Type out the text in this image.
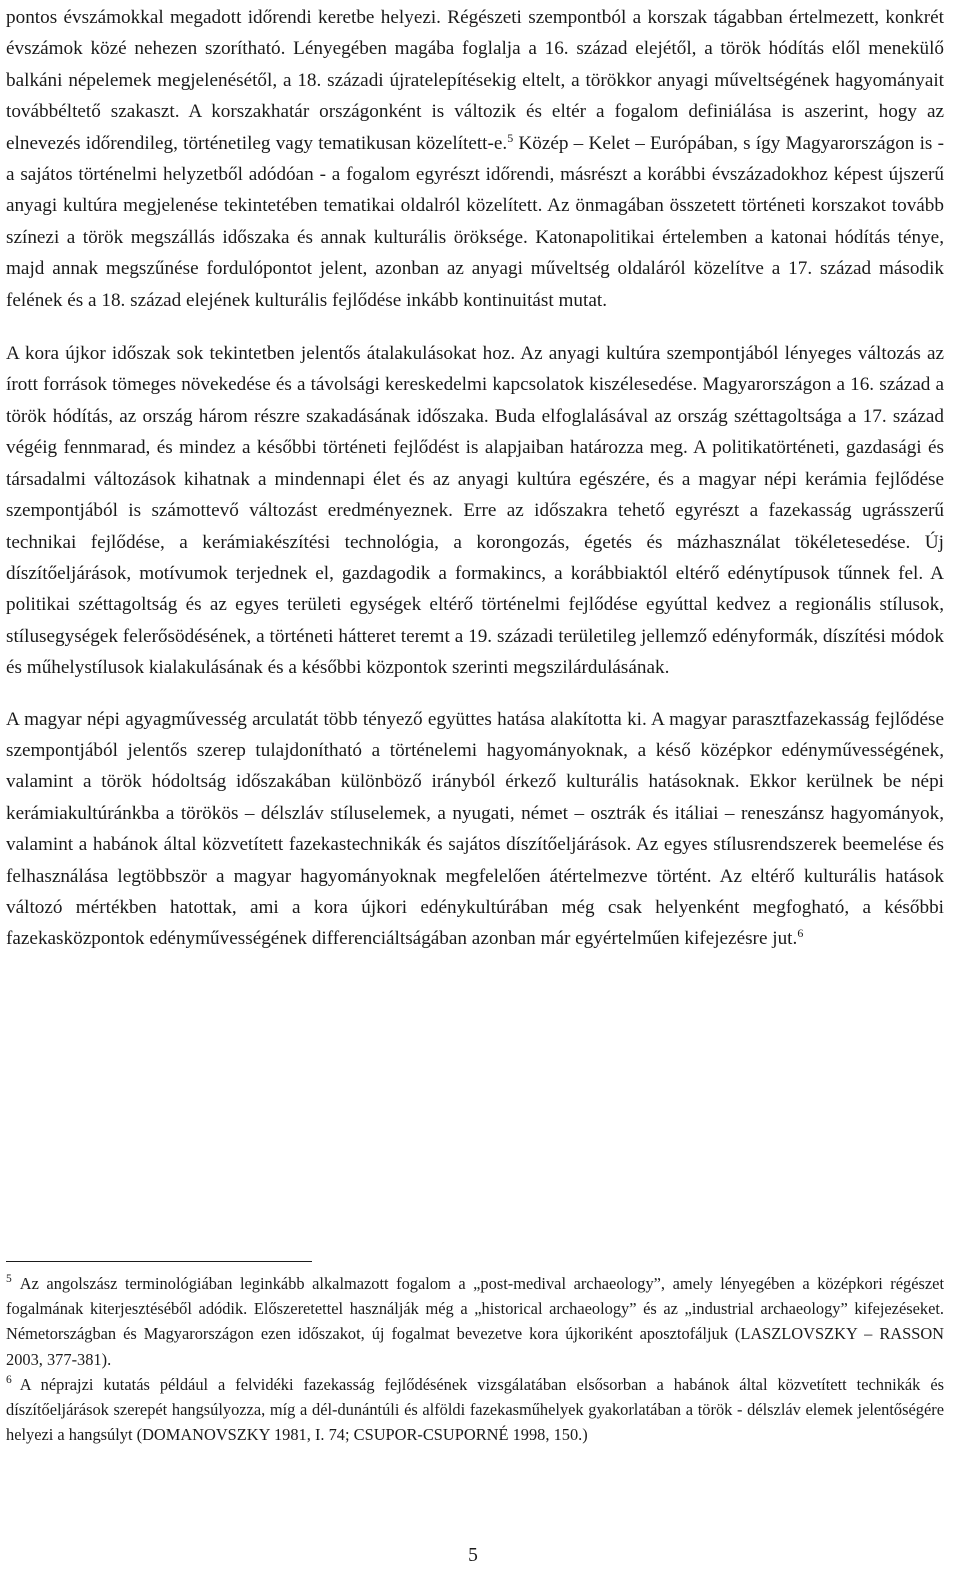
pontos évszámokkal megadott időrendi keretbe helyezi. Régészeti szempontból a korszak tágabban értelmezett, konkrét évszámok közé nehezen szorítható. Lényegében magába foglalja a 16. század elejétől, a török hódítás elől menekülő balkáni népelemek megjelenésétől, a 18. századi újratelepítésekig eltelt, a törökkor anyagi műveltségének hagyományait továbbéltető szakaszt. A korszakhatár országonként is változik és eltér a fogalom definiálása is aszerint, hogy az elnevezés időrendileg, történetileg vagy tematikusan közelített-e.$^5$ Közép – Kelet – Európában, s így Magyarországon is - a sajátos történelmi helyzetből adódóan - a fogalom egyrészt időrendi, másrészt a korábbi évszázadokhoz képest újszerű anyagi kultúra megjelenése tekintetében tematikai oldalról közelített. Az önmagában összetett történeti korszakot tovább színezi a török megszállás időszaka és annak kulturális öröksége. Katonapolitikai értelemben a katonai hódítás tényе, majd annak megszűnése fordulópontot jelent, azonban az anyagi műveltség oldaláról közelítve a 17. század második felének és a 18. század elejének kulturális fejlődése inkább kontinuitást mutat.

A kora újkor időszak sok tekintetben jelentős átalakulásokat hoz. Az anyagi kultúra szempontjából lényeges változás az írott források tömeges növekedése és a távolsági kereskedelmi kapcsolatok kiszélesedése. Magyarországon a 16. század a török hódítás, az ország három részre szakadásának időszaka. Buda elfoglalásával az ország széttagoltsága a 17. század végéig fennmarad, és mindez a későbbi történeti fejlődést is alapjaiban határozza meg. A politikatörténeti, gazdasági és társadalmi változások kihatnak a mindennapi élet és az anyagi kultúra egészére, és a magyar népi kerámia fejlődése szempontjából is számottevő változást eredményeznek. Erre az időszakra tehető egyrészt a fazekasság ugrásszerű technikai fejlődése, a kerámiakészítési technológia, a korongozás, égetés és mázhasználat tökéletesedése. Új díszítőeljárások, motívumok terjednek el, gazdagodik a formakincs, a korábbiaktól eltérő edénytípusok tűnnek fel. A politikai széttagoltság és az egyes területi egységek eltérő történelmi fejlődése egyúttal kedvez a regionális stílusok, stílusegységek felerősödésének, a történeti hátteret teremt a 19. századi területileg jellemző edényformák, díszítési módok és műhelystílusok kialakulásának és a későbbi központok szerinti megszilárdulásának.

A magyar népi agyagművesség arculatát több tényező együttes hatása alakította ki. A magyar parasztfazekasság fejlődése szempontjából jelentős szerep tulajdonítható a történelemi hagyományoknak, a késő középkor edényművességének, valamint a török hódoltság időszakában különböző irányból érkező kulturális hatásoknak. Ekkor kerülnek be népi kerámiakultúránkba a törökös – délszláv stíluselemek, a nyugati, német – osztrák és itáliai – reneszánsz hagyományok, valamint a habánok által közvetített fazekastechnikák és sajátos díszítőeljárások. Az egyes stílusrendszerek beemelése és felhasználása legtöbbször a magyar hagyományoknak megfelelően átértelmezve történt. Az eltérő kulturális hatások változó mértékben hatottak, ami a kora újkori edénykultúrában még csak helyenként megfogható, a későbbi fazekasközpontok edényművességének differenciáltságában azonban már egyértelműen kifejezésre jut.$^6$

$^5$ Az angolszász terminológiában leginkább alkalmazott fogalom a „post-medival archaeology”, amely lényegében a középkori régészet fogalmának kiterjesztéséből adódik. Előszeretettel használják még a „historical archaeology” és az „industrial archaeology” kifejezéseket. Németországban és Magyarországon ezen időszakot, új fogalmat bevezetve kora újkoriként aposztofáljuk (LASZLOVSZKY – RASSON 2003, 377-381).

$^6$ A néprajzi kutatás például a felvidéki fazekasság fejlődésének vizsgálatában elsősorban a habánok által közvetített technikák és díszítőeljárások szerepét hangsúlyozza, míg a dél-dunántúli és alföldi fazekasműhelyek gyakorlatában a török - délszláv elemek jelentőségére helyezi a hangsúlyt (DOMANOVSZKY 1981, I. 74; CSUPOR-CSUPORNÉ 1998, 150.)

5
